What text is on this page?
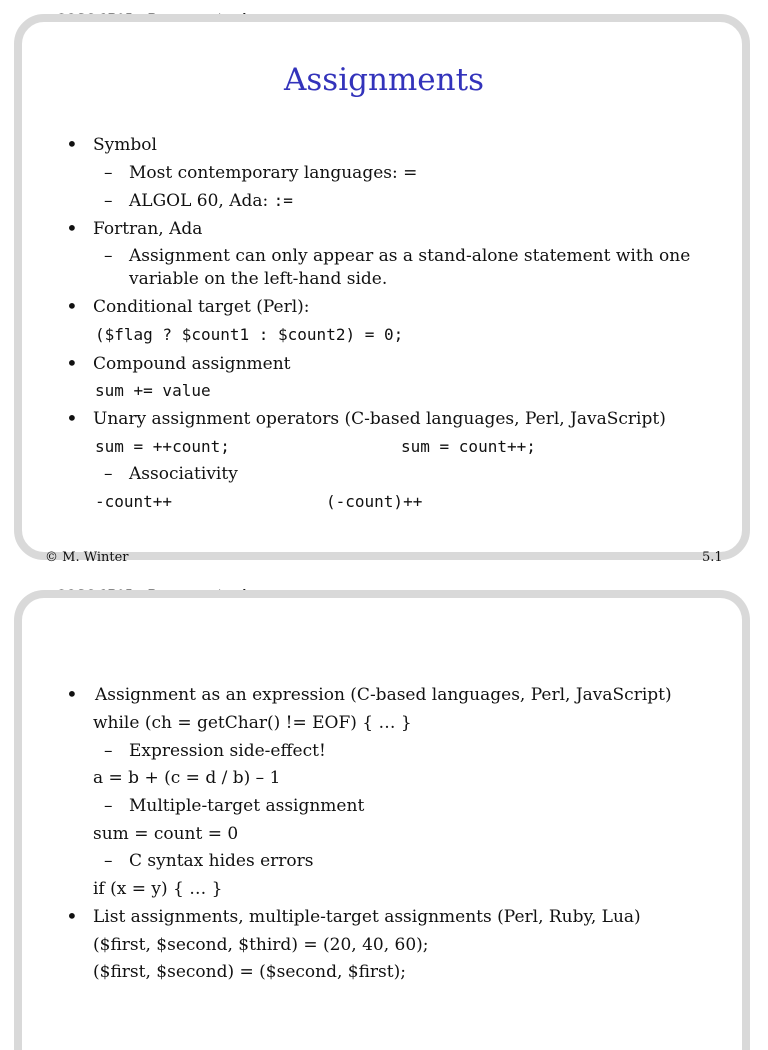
Assignments
• Symbol
– Most contemporary languages: =
– ALGOL 60, Ada: :=
• Fortran, Ada
– Assignment can only appear as a stand-alone statement with one
variable on the left-hand side.
• Conditional target (Perl):
($flag ? $count1 : $count2) = 0;
• Compound assignment
sum += value
• Unary assignment operators (C-based languages, Perl, JavaScript)
sum = ++count;	sum = count++;
– Associativity
-count++	(-count)++
© M. Winter	5.1
• Assignment as an expression (C-based languages, Perl, JavaScript)
while (ch = getChar() != EOF) { … }
– Expression side-effect!
a = b + (c = d / b) – 1
– Multiple-target assignment
sum = count = 0
– C syntax hides errors
if (x = y) { … }
• List assignments, multiple-target assignments (Perl, Ruby, Lua)
($first, $second, $third) = (20, 40, 60);
($first, $second) = ($second, $first);
